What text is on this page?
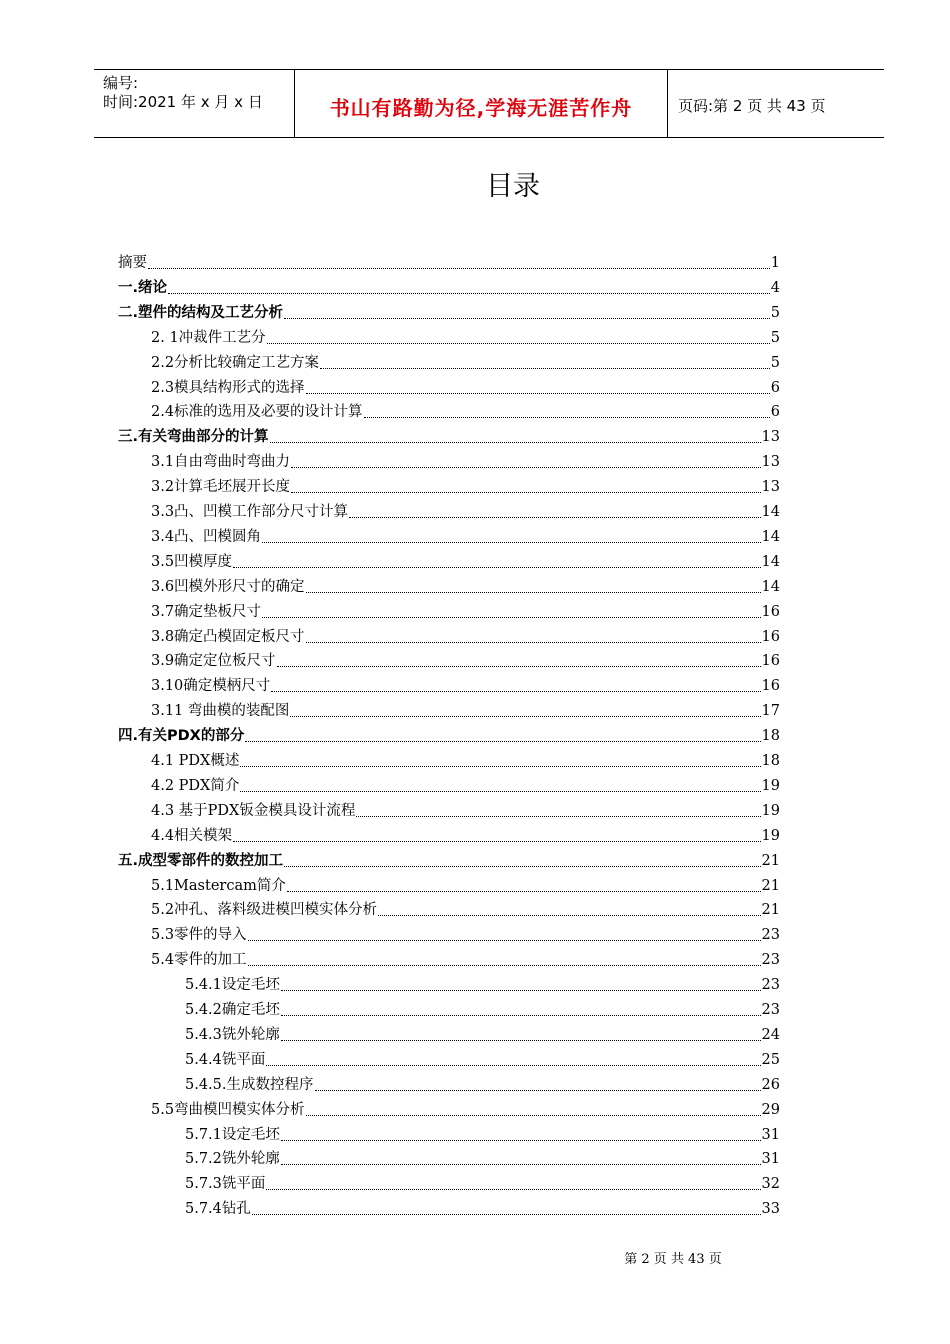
编号:
时间:2021 年 x 月 x 日	书山有路勤为径,学海无涯苦作舟	页码:第 2 页 共 43 页
目录
摘要	1
一.绪论	4
二.塑件的结构及工艺分析	5
2. 1冲裁件工艺分	5
2.2分析比较确定工艺方案	5
2.3模具结构形式的选择	6
2.4标准的选用及必要的设计计算	6
三.有关弯曲部分的计算	13
3.1自由弯曲时弯曲力	13
3.2计算毛坯展开长度	13
3.3凸、凹模工作部分尺寸计算	14
3.4凸、凹模圆角	14
3.5凹模厚度	14
3.6凹模外形尺寸的确定	14
3.7确定垫板尺寸	16
3.8确定凸模固定板尺寸	16
3.9确定定位板尺寸	16
3.10确定模柄尺寸	16
3.11 弯曲模的装配图	17
四.有关PDX的部分	18
4.1 PDX概述	18
4.2 PDX简介	19
4.3 基于PDX钣金模具设计流程	19
4.4相关模架	19
五.成型零部件的数控加工	21
5.1Mastercam简介	21
5.2冲孔、落料级进模凹模实体分析	21
5.3零件的导入	23
5.4零件的加工	23
5.4.1设定毛坯	23
5.4.2确定毛坯	23
5.4.3铣外轮廓	24
5.4.4铣平面	25
5.4.5.生成数控程序	26
5.5弯曲模凹模实体分析	29
5.7.1设定毛坯	31
5.7.2铣外轮廓	31
5.7.3铣平面	32
5.7.4钻孔	33
第 2 页 共 43 页
